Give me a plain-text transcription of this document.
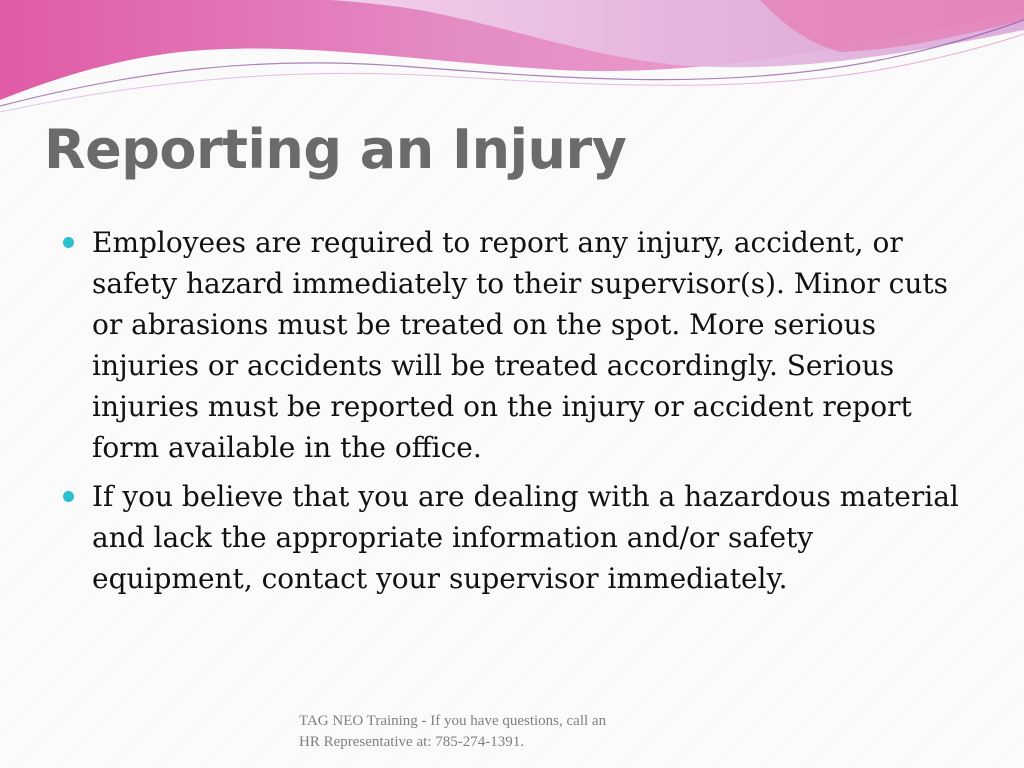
Reporting an Injury
Employees are required to report any injury, accident, or safety hazard immediately to their supervisor(s). Minor cuts or abrasions must be treated on the spot. More serious injuries or accidents will be treated accordingly. Serious injuries must be reported on the injury or accident report form available in the office.
If you believe that you are dealing with a hazardous material and lack the appropriate information and/or safety equipment, contact your supervisor immediately.
TAG NEO Training - If you have questions, call an
HR Representative at: 785-274-1391.
